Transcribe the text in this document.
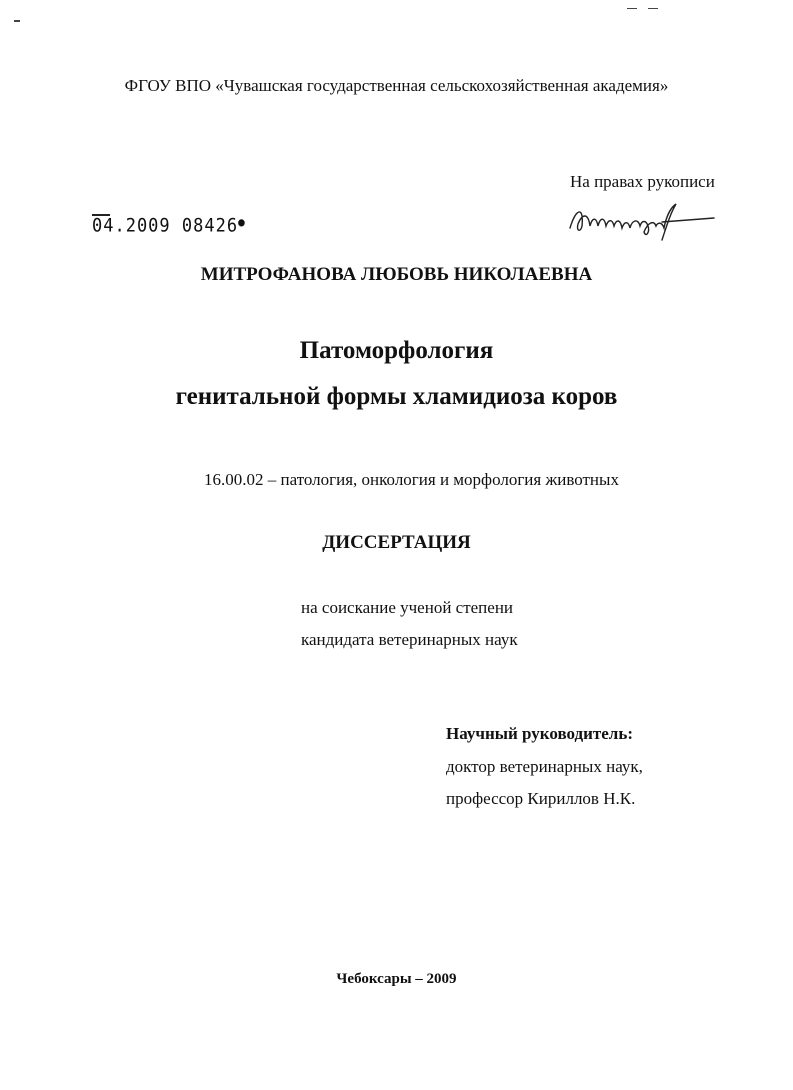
ФГОУ ВПО «Чувашская государственная сельскохозяйственная академия»
На правах рукописи
04.2009 08426●
МИТРОФАНОВА ЛЮБОВЬ НИКОЛАЕВНА
Патоморфология
генитальной формы хламидиоза коров
16.00.02 – патология, онкология и морфология животных
ДИССЕРТАЦИЯ
на соискание ученой степени
кандидата ветеринарных наук
Научный руководитель:
доктор ветеринарных наук,
профессор Кириллов Н.К.
Чебоксары – 2009
